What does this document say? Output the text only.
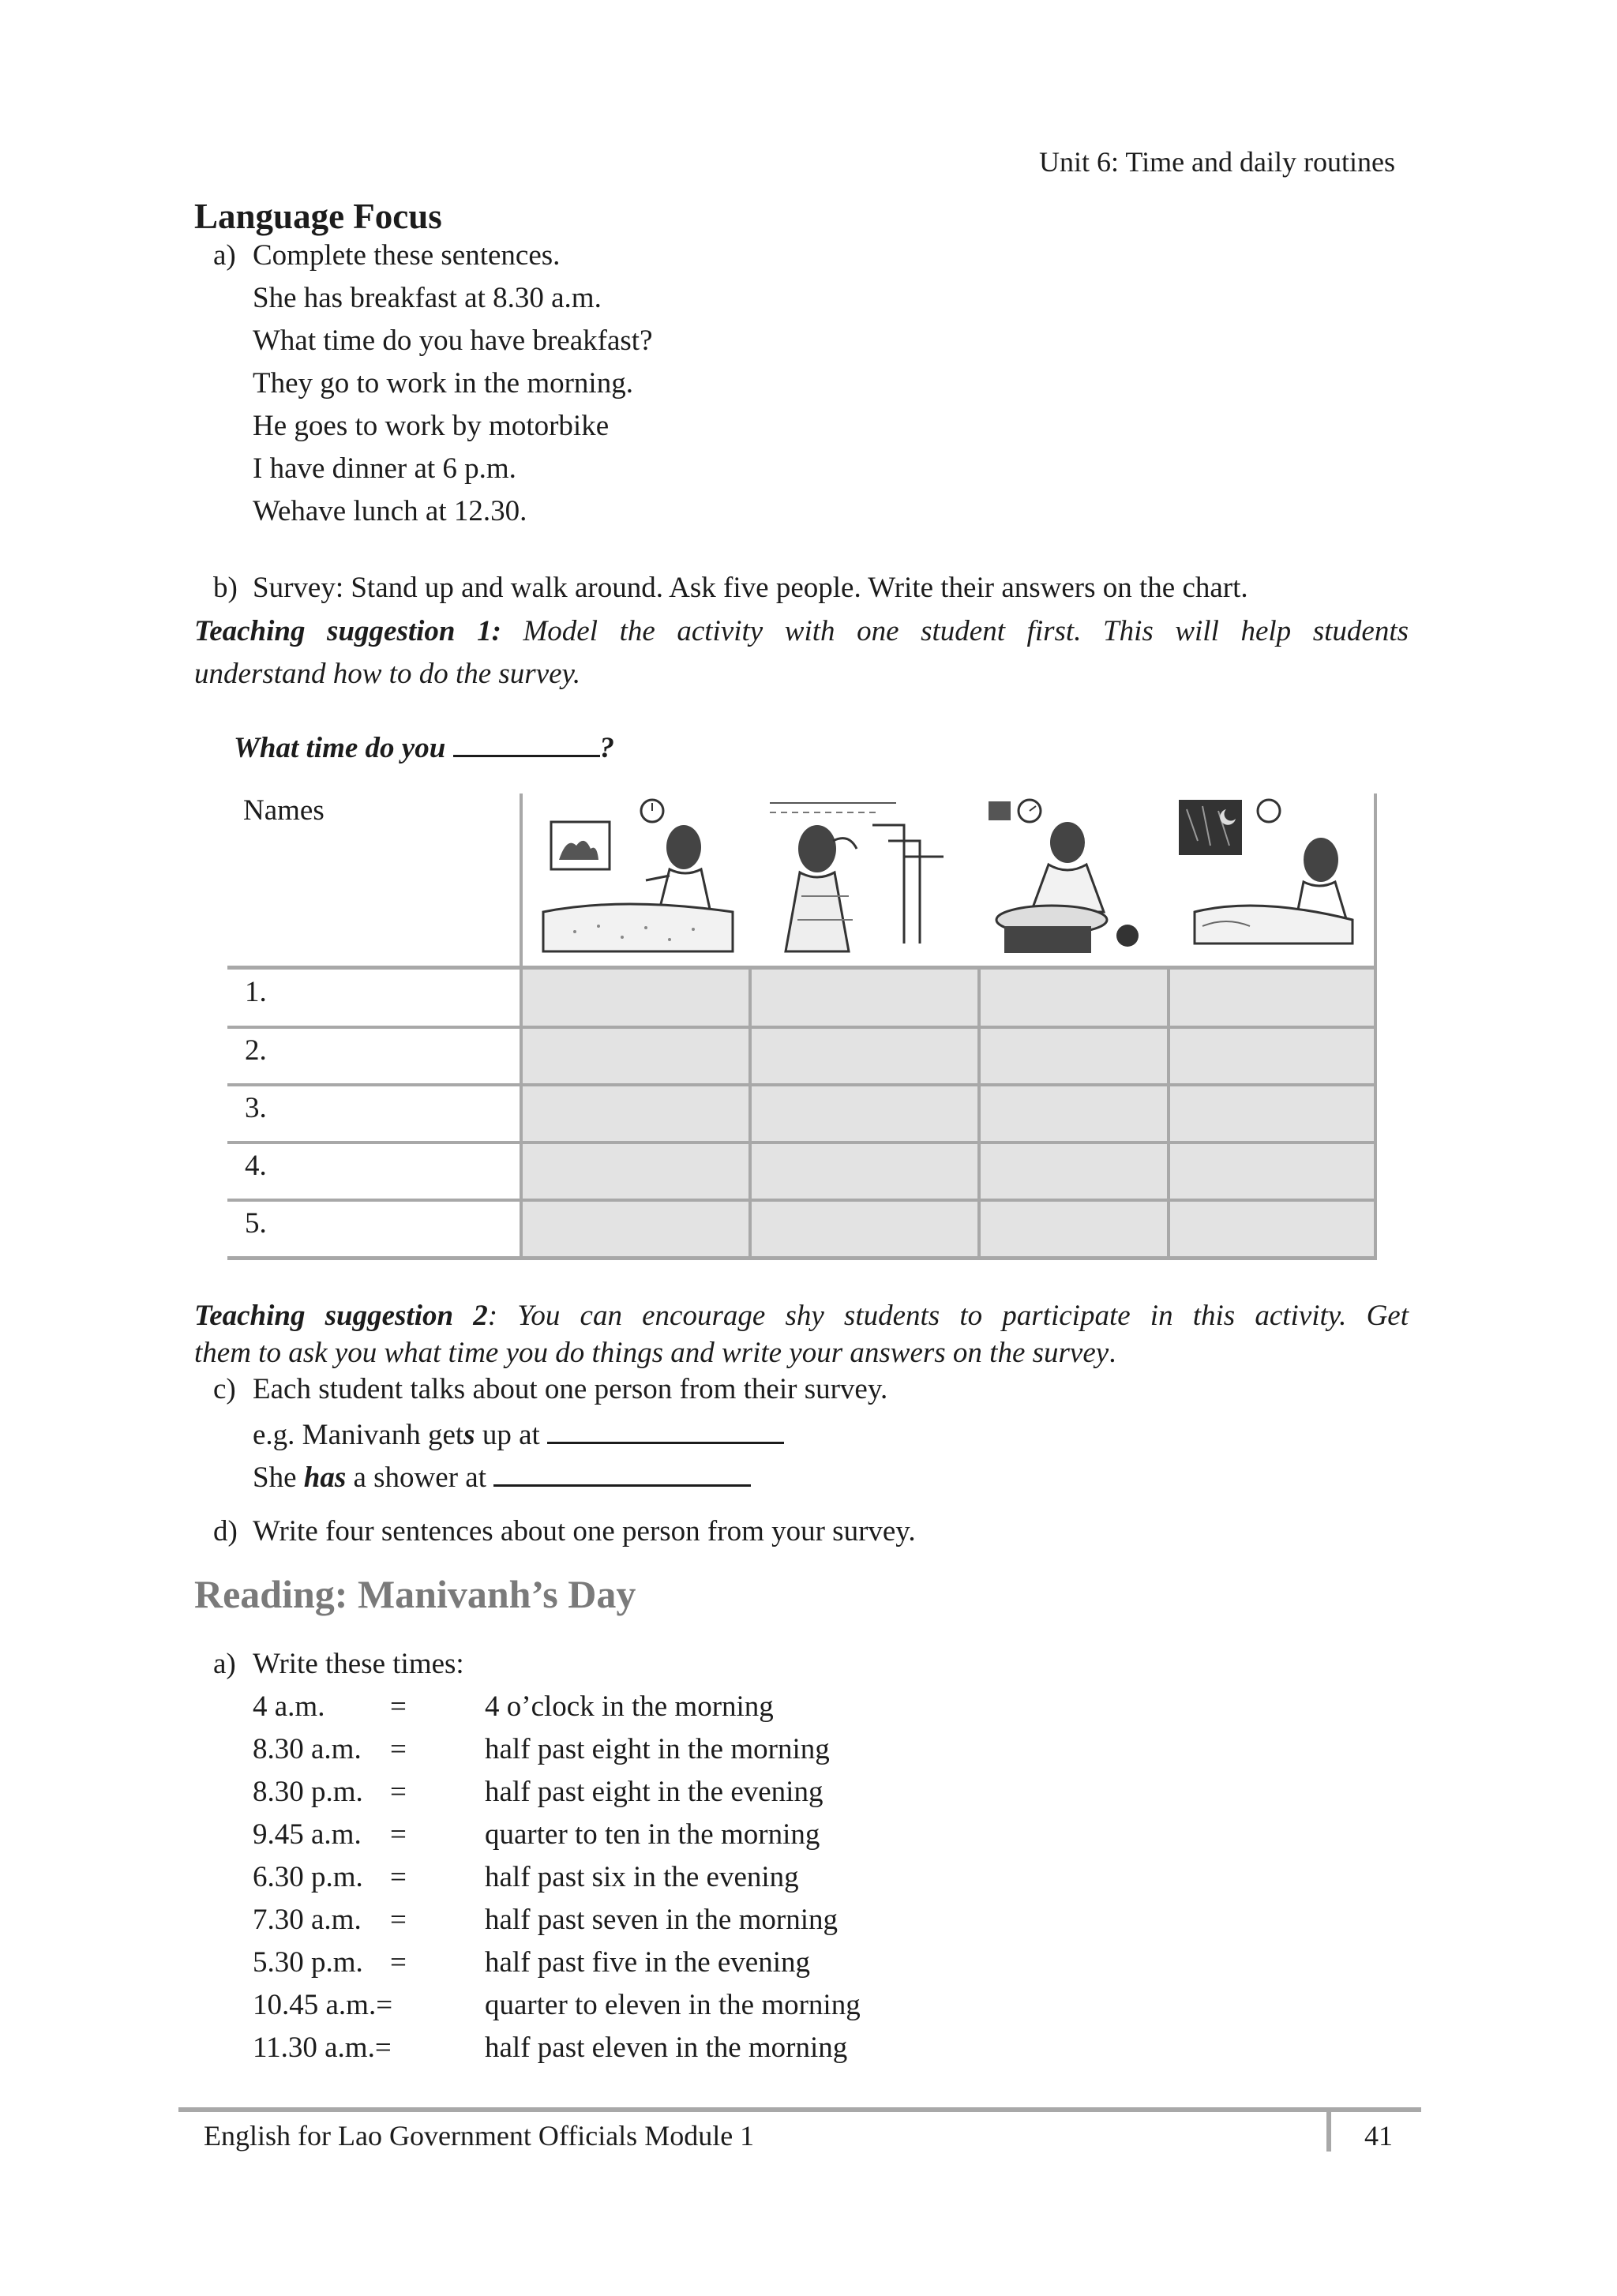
Unit 6: Time and daily routines
Language Focus
a) Complete these sentences.
She has breakfast at 8.30 a.m.
What time do you have breakfast?
They go to work in the morning.
He goes to work by motorbike
I have dinner at 6 p.m.
Wehave lunch at 12.30.
b) Survey: Stand up and walk around. Ask five people. Write their answers on the chart.
Teaching suggestion 1: Model the activity with one student first. This will help students
understand how to do the survey.
What time do you	?
Names
1.
2.
3.
4.
5.
Teaching suggestion 2: You can encourage shy students to participate in this activity. Get
them to ask you what time you do things and write your answers on the survey.
c) Each student talks about one person from their survey.
e.g. Manivanh gets up at
She has a shower at
d) Write four sentences about one person from your survey.
Reading: Manivanh’s Day
a) Write these times:
4 a.m. =	4 o’clock in the morning
8.30 a.m. =	half past eight in the morning
8.30 p.m. =	half past eight in the evening
9.45 a.m. =	quarter to ten in the morning
6.30 p.m. =	half past six in the evening
7.30 a.m. =	half past seven in the morning
5.30 p.m. =	half past five in the evening
10.45 a.m.=	quarter to eleven in the morning
11.30 a.m.=	half past eleven in the morning
English for Lao Government Officials Module 1	41
